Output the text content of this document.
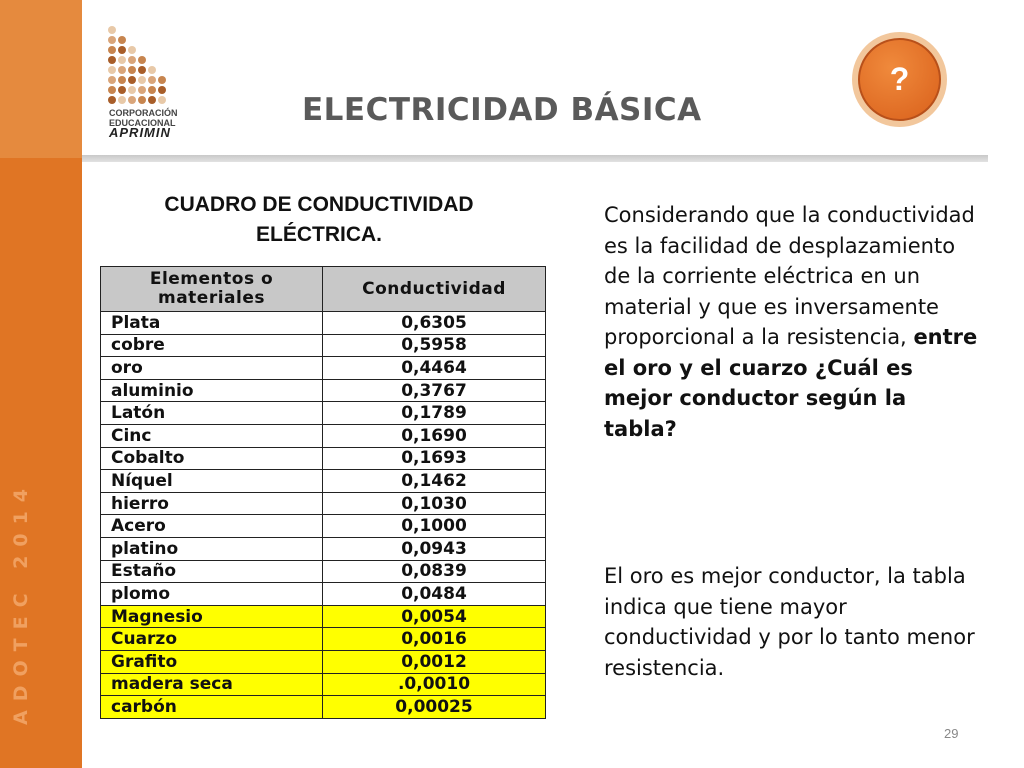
ADOTEC 2014
CORPORACIÓN
EDUCACIONAL
APRIMIN
ELECTRICIDAD BÁSICA
?
CUADRO DE CONDUCTIVIDAD
ELÉCTRICA.
Elementos o materiales	Conductividad
Plata	0,6305
cobre	0,5958
oro	0,4464
aluminio	0,3767
Latón	0,1789
Cinc	0,1690
Cobalto	0,1693
Níquel	0,1462
hierro	0,1030
Acero	0,1000
platino	0,0943
Estaño	0,0839
plomo	0,0484
Magnesio	0,0054
Cuarzo	0,0016
Grafito	0,0012
madera seca	.0,0010
carbón	0,00025
Considerando que la conductividad es la facilidad de desplazamiento de la corriente eléctrica en un material y que es inversamente proporcional a la resistencia, entre el oro y el cuarzo ¿Cuál es mejor conductor según la tabla?
El oro es mejor conductor, la tabla indica que tiene mayor conductividad y por lo tanto menor resistencia.
29
